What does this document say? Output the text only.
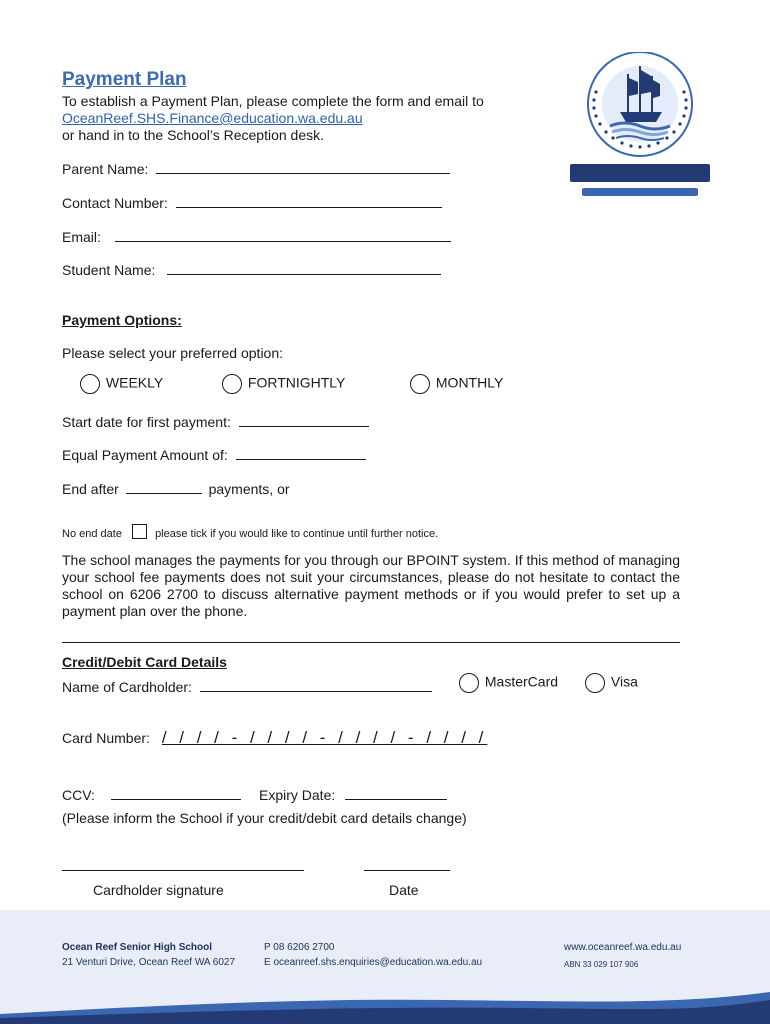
Payment Plan
To establish a Payment Plan, please complete the form and email to
OceanReef.SHS.Finance@education.wa.edu.au
or hand in to the School’s Reception desk.
Parent Name:
Contact Number:
Email:
Student Name:
Payment Options:
Please select your preferred option:
WEEKLY	FORTNIGHTLY	MONTHLY
Start date for first payment:
Equal Payment Amount of:
End after	payments, or
No end date	please tick if you would like to continue until further notice.
The school manages the payments for you through our BPOINT system. If this method of managing your school fee payments does not suit your circumstances, please do not hesitate to contact the school on 6206 2700 to discuss alternative payment methods or if you would prefer to set up a payment plan over the phone.
Credit/Debit Card Details
Name of Cardholder:	MasterCard	Visa
Card Number: / / / / - / / / / - / / / / - / / / /
CCV:	Expiry Date:
(Please inform the School if your credit/debit card details change)
Cardholder signature	Date
Ocean Reef Senior High School
21 Venturi Drive, Ocean Reef WA 6027
P 08 6206 2700
E oceanreef.shs.enquiries@education.wa.edu.au
www.oceanreef.wa.edu.au
ABN 33 029 107 906
